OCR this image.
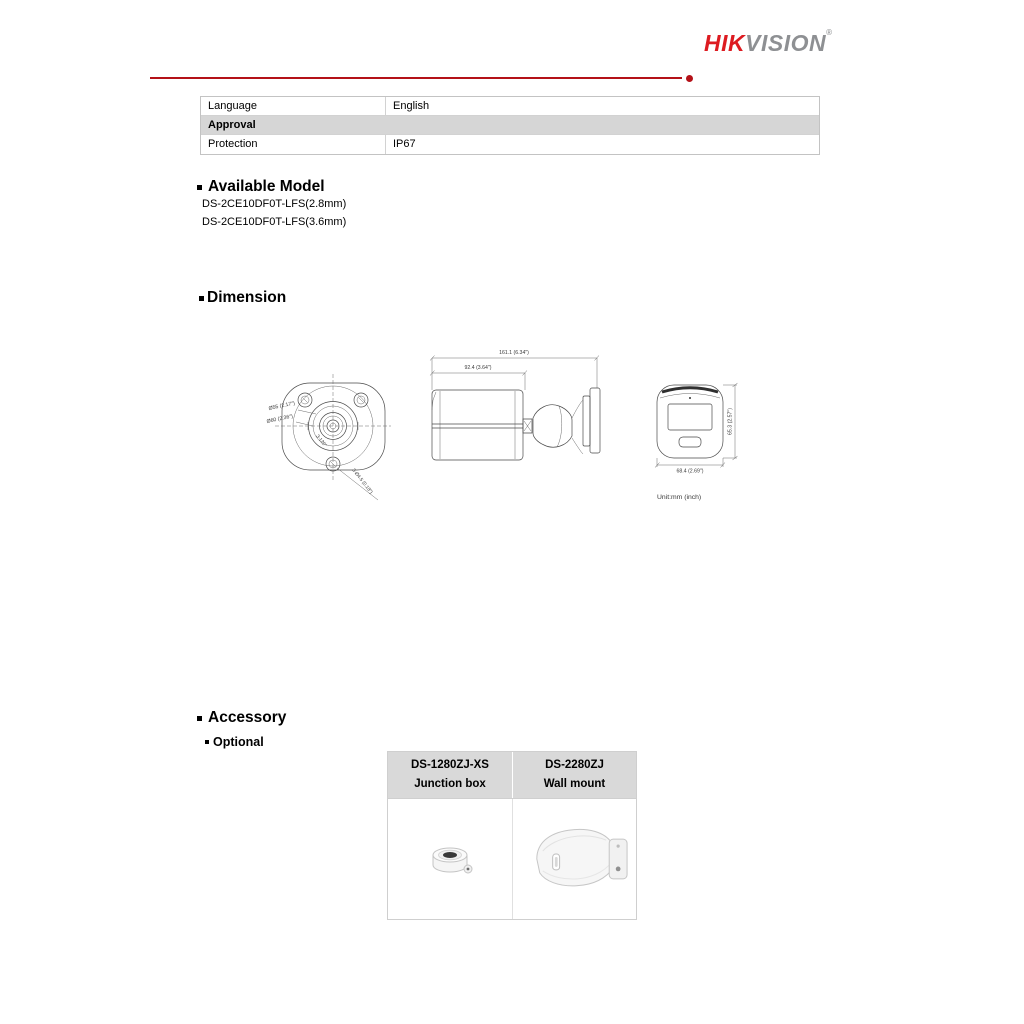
HIKVISION®
Language	English
Approval
Protection	IP67
Available Model
DS-2CE10DF0T-LFS(2.8mm)
DS-2CE10DF0T-LFS(3.6mm)
Dimension
Ø55 (2.17")
Ø60 (2.36")
3-120°
3-Ø4.5 (0.18")
161.1 (6.34")
92.4 (3.64")
68.4 (2.69")
65.3 (2.57")
Unit:mm (inch)
Accessory
Optional
DS-1280ZJ-XS
Junction box
DS-2280ZJ
Wall mount
